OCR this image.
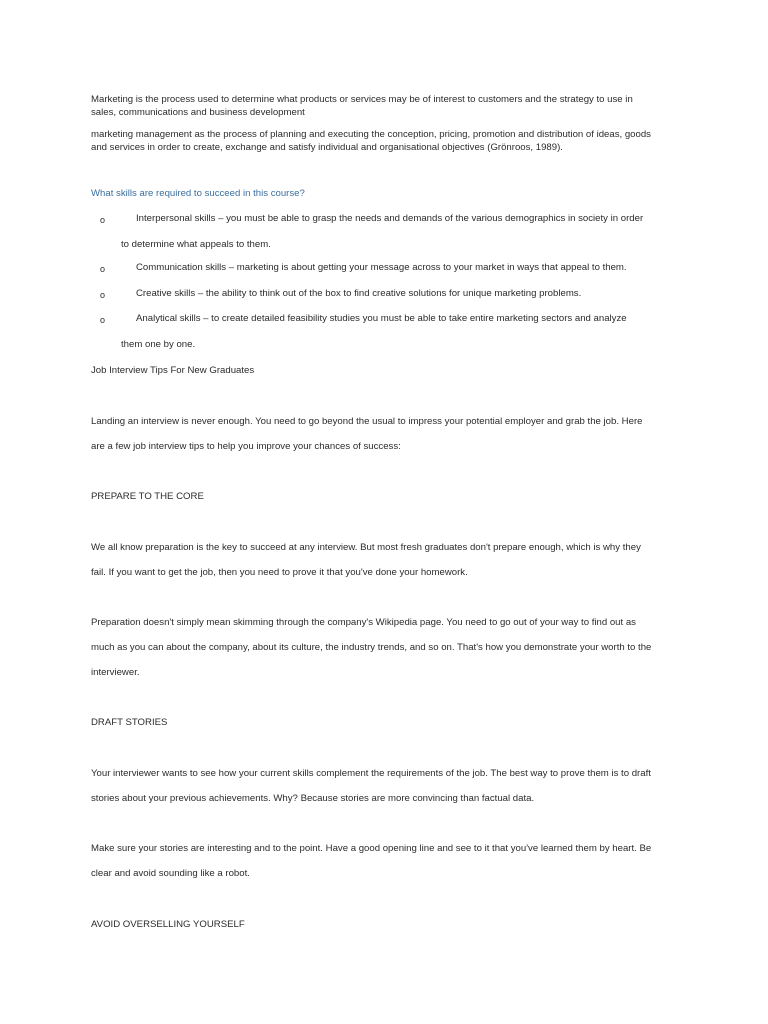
Marketing is the process used to determine what products or services may be of interest to customers and the strategy to use in
sales, communications and business development
marketing management as the process of planning and executing the conception, pricing, promotion and distribution of ideas, goods
and services in order to create, exchange and satisfy individual and organisational objectives (Grönroos, 1989).
What skills are required to succeed in this course?
o	Interpersonal skills – you must be able to grasp the needs and demands of the various demographics in society in order
to determine what appeals to them.
o	Communication skills – marketing is about getting your message across to your market in ways that appeal to them.
o	Creative skills – the ability to think out of the box to find creative solutions for unique marketing problems.
o	Analytical skills – to create detailed feasibility studies you must be able to take entire marketing sectors and analyze
them one by one.
Job Interview Tips For New Graduates
Landing an interview is never enough. You need to go beyond the usual to impress your potential employer and grab the job. Here
are a few job interview tips to help you improve your chances of success:
PREPARE TO THE CORE
We all know preparation is the key to succeed at any interview. But most fresh graduates don't prepare enough, which is why they
fail. If you want to get the job, then you need to prove it that you've done your homework.
Preparation doesn't simply mean skimming through the company's Wikipedia page. You need to go out of your way to find out as
much as you can about the company, about its culture, the industry trends, and so on. That's how you demonstrate your worth to the
interviewer.
DRAFT STORIES
Your interviewer wants to see how your current skills complement the requirements of the job. The best way to prove them is to draft
stories about your previous achievements. Why? Because stories are more convincing than factual data.
Make sure your stories are interesting and to the point. Have a good opening line and see to it that you've learned them by heart. Be
clear and avoid sounding like a robot.
AVOID OVERSELLING YOURSELF
